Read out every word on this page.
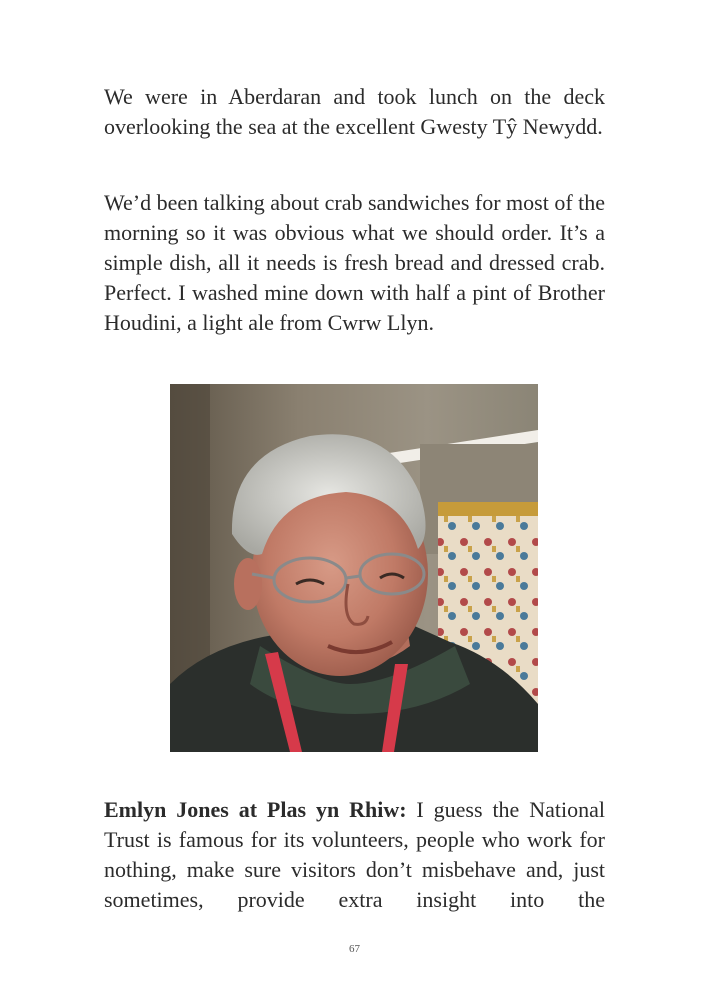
We were in Aberdaran and took lunch on the deck overlooking the sea at the excellent Gwesty Tŷ Newydd.

We’d been talking about crab sandwiches for most of the morning so it was obvious what we should order. It’s a simple dish, all it needs is fresh bread and dressed crab. Perfect. I washed mine down with half a pint of Brother Houdini, a light ale from Cwrw Llyn.

Emlyn Jones at Plas yn Rhiw: I guess the National Trust is famous for its volunteers, people who work for nothing, make sure visitors don’t misbehave and, just sometimes, provide extra insight into the

67
